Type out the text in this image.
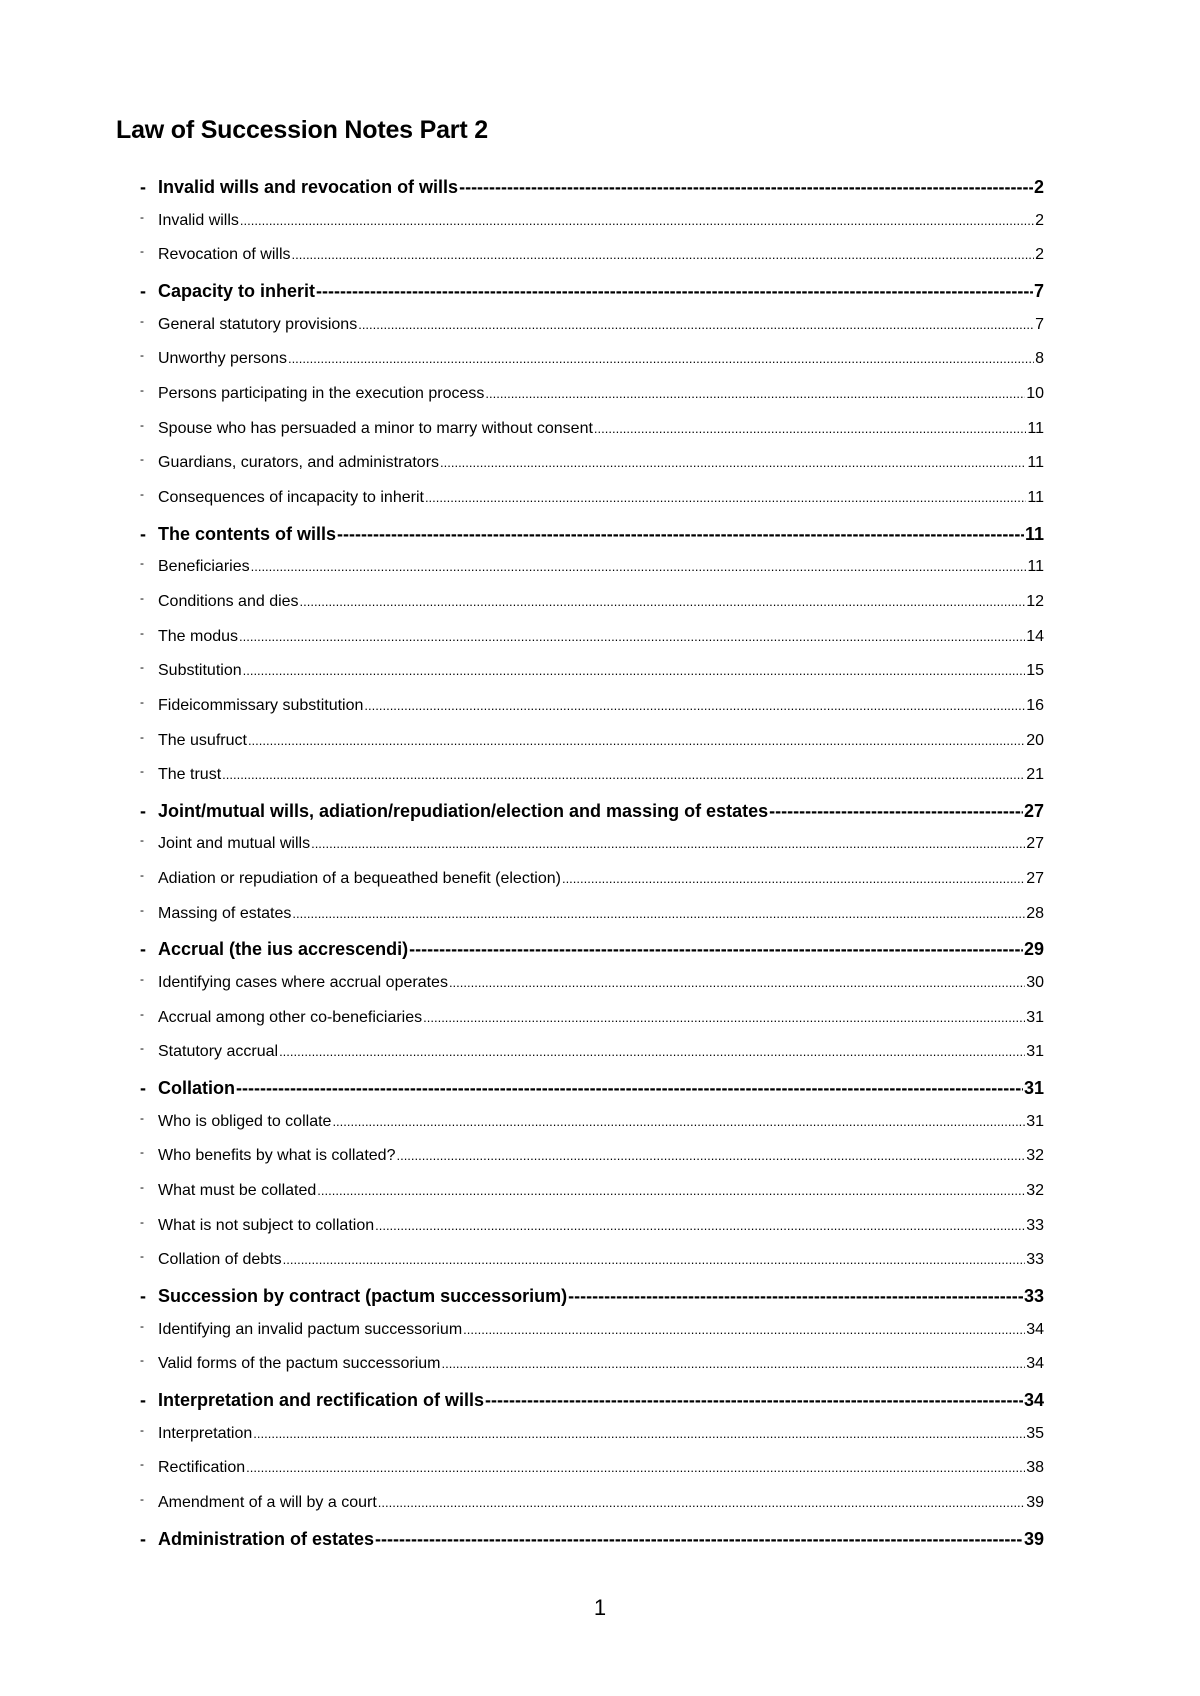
Law of Succession Notes Part 2
- Invalid wills and revocation of wills -----	2
- Invalid wills .....	2
- Revocation of wills .....	2
- Capacity to inherit -----	7
- General statutory provisions .....	7
- Unworthy persons .....	8
- Persons participating in the execution process .....	10
- Spouse who has persuaded a minor to marry without consent .....	11
- Guardians, curators, and administrators .....	11
- Consequences of incapacity to inherit .....	11
- The contents of wills -----	11
- Beneficiaries .....	11
- Conditions and dies .....	12
- The modus .....	14
- Substitution .....	15
- Fideicommissary substitution .....	16
- The usufruct .....	20
- The trust .....	21
- Joint/mutual wills, adiation/repudiation/election and massing of estates -----	27
- Joint and mutual wills .....	27
- Adiation or repudiation of a bequeathed benefit (election) .....	27
- Massing of estates .....	28
- Accrual (the ius accrescendi) -----	29
- Identifying cases where accrual operates .....	30
- Accrual among other co-beneficiaries .....	31
- Statutory accrual .....	31
- Collation -----	31
- Who is obliged to collate .....	31
- Who benefits by what is collated? .....	32
- What must be collated .....	32
- What is not subject to collation .....	33
- Collation of debts .....	33
- Succession by contract (pactum successorium) -----	33
- Identifying an invalid pactum successorium .....	34
- Valid forms of the pactum successorium .....	34
- Interpretation and rectification of wills -----	34
- Interpretation .....	35
- Rectification .....	38
- Amendment of a will by a court .....	39
- Administration of estates -----	39
1
